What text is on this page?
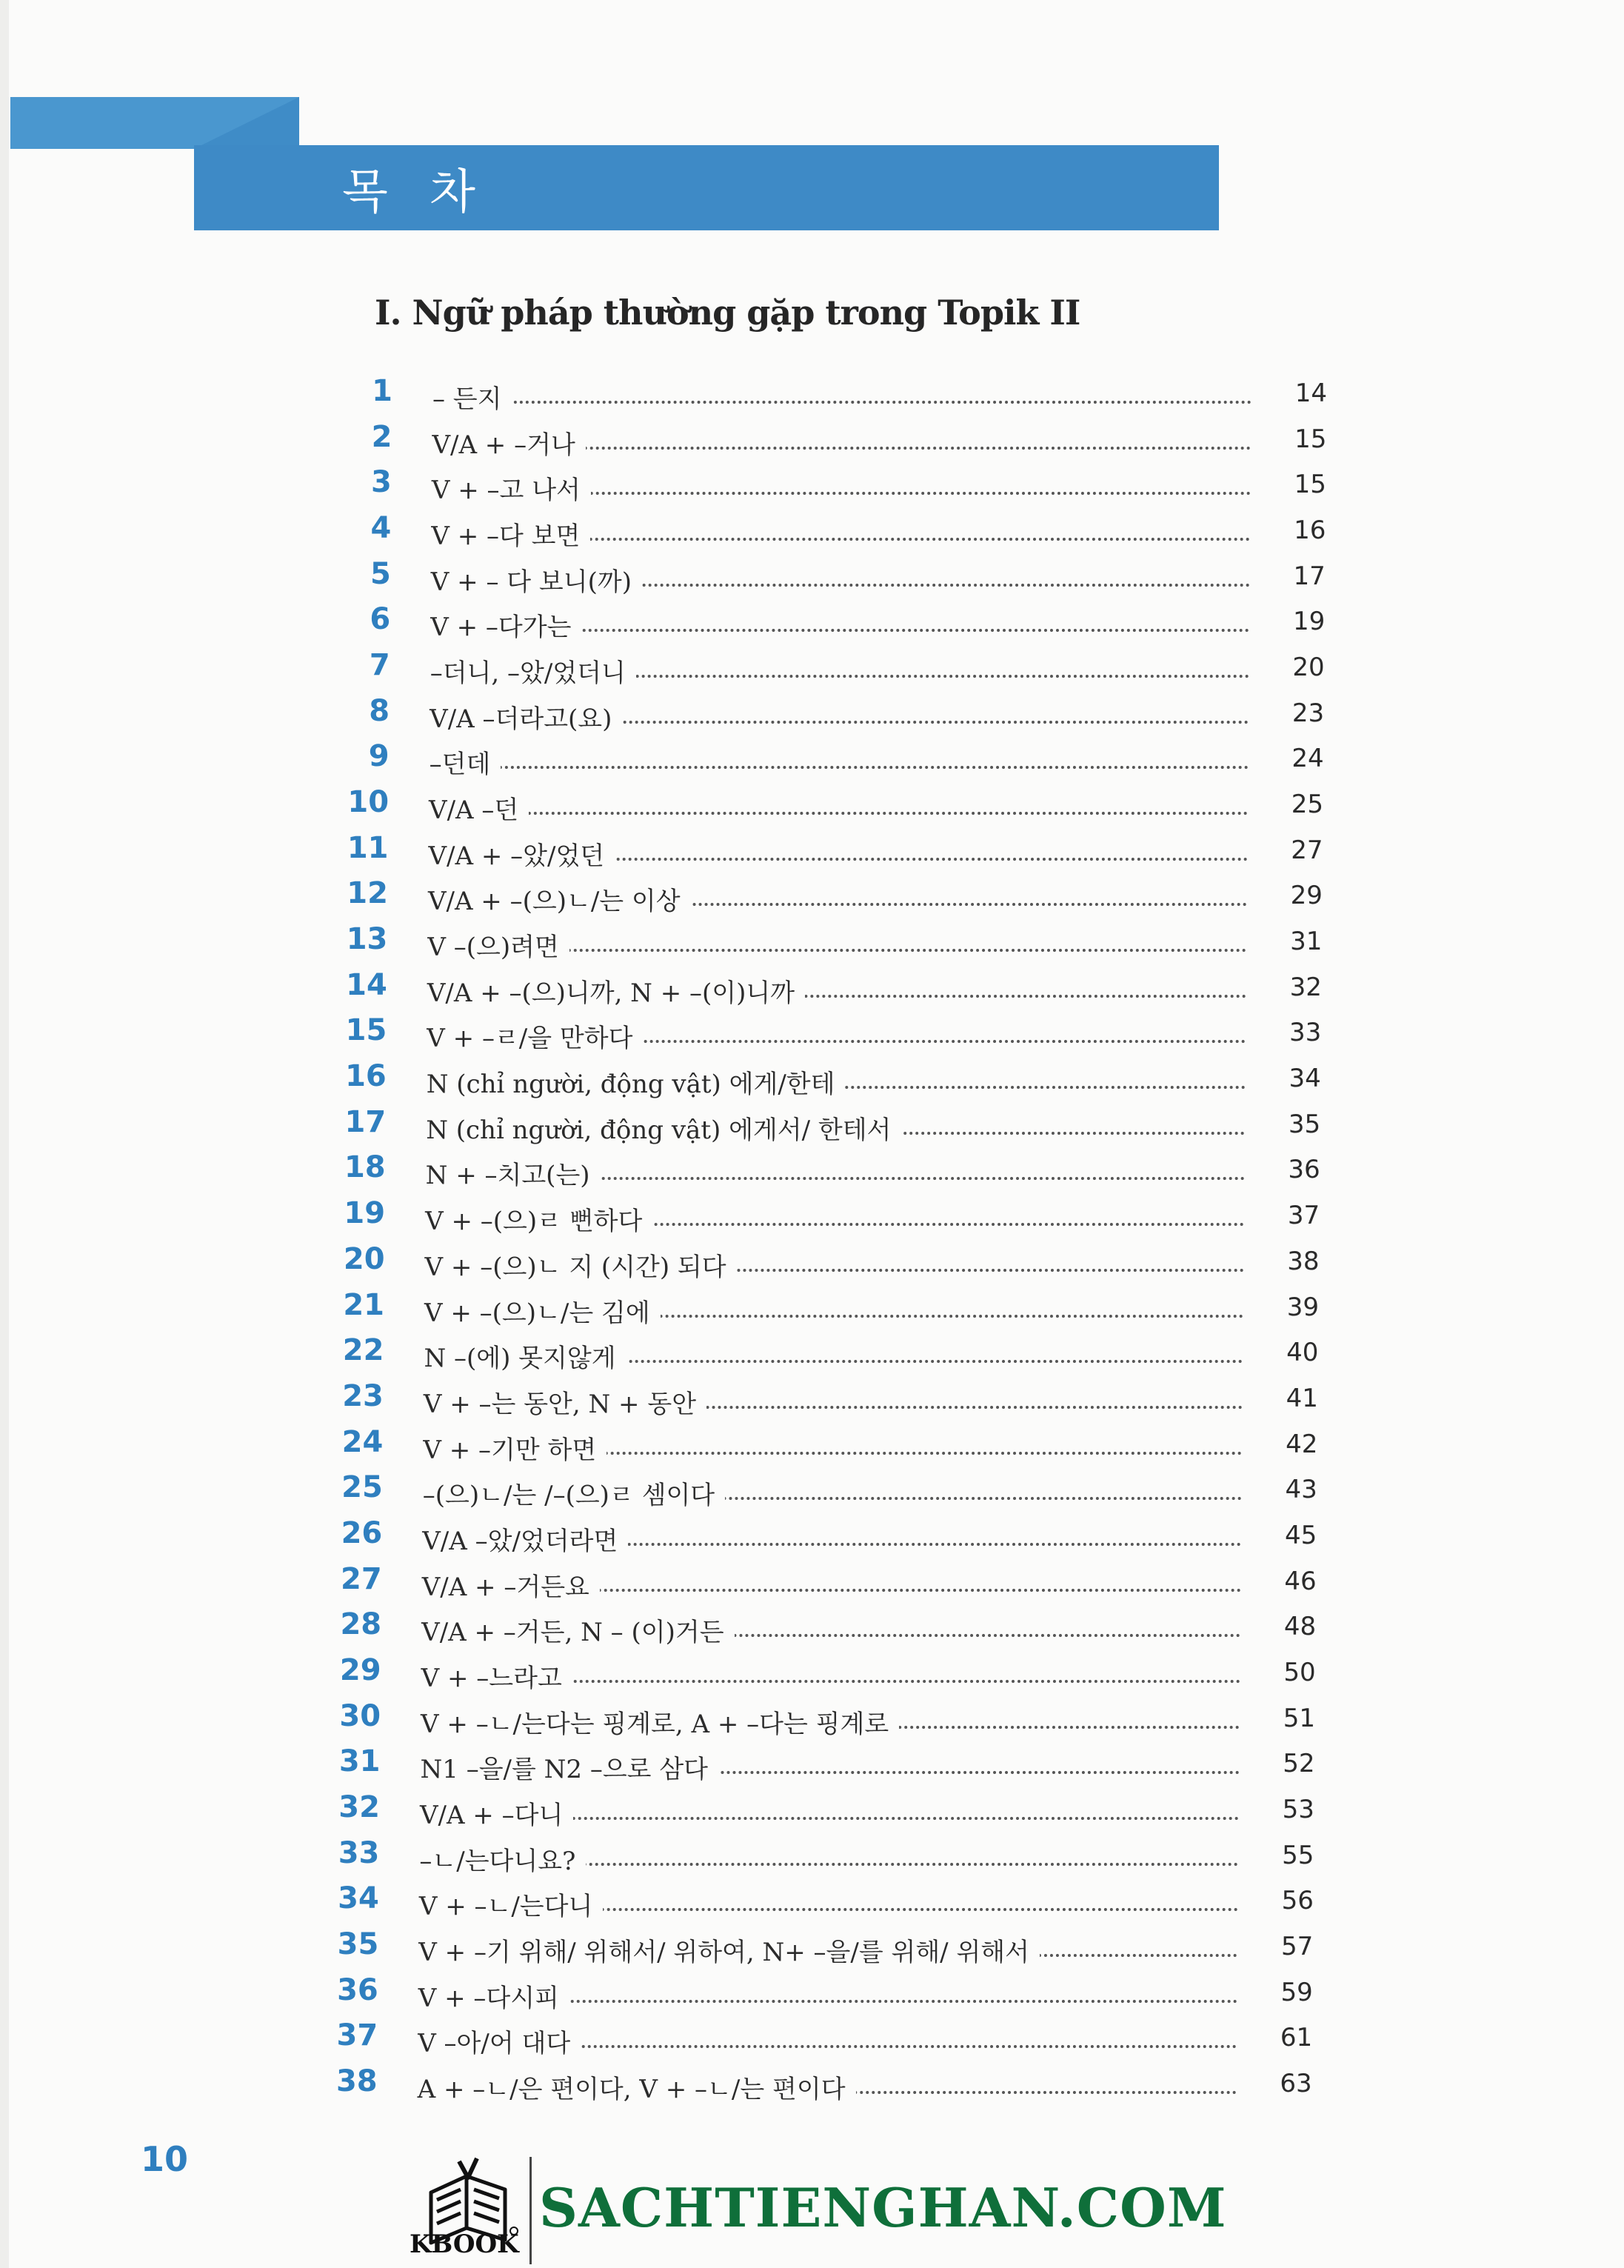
목 차
Ⅰ. Ngữ pháp thường gặp trong Topik II
1 – 든지	14
2 V/A + –거나	15
3 V + –고 나서	15
4 V + –다 보면	16
5 V + – 다 보니(까)	17
6 V + –다가는	19
7 –더니, –았/었더니	20
8 V/A –더라고(요)	23
9 –던데	24
10 V/A –던	25
11 V/A + –았/었던	27
12 V/A + –(으)ㄴ/는 이상	29
13 V –(으)려면	31
14 V/A + –(으)니까, N + –(이)니까	32
15 V + –ㄹ/을 만하다	33
16 N (chỉ người, động vật) 에게/한테	34
17 N (chỉ người, động vật) 에게서/ 한테서	35
18 N + –치고(는)	36
19 V + –(으)ㄹ 뻔하다	37
20 V + –(으)ㄴ 지 (시간) 되다	38
21 V + –(으)ㄴ/는 김에	39
22 N –(에) 못지않게	40
23 V + –는 동안, N + 동안	41
24 V + –기만 하면	42
25 –(으)ㄴ/는 /–(으)ㄹ 셈이다	43
26 V/A –았/었더라면	45
27 V/A + –거든요	46
28 V/A + –거든, N – (이)거든	48
29 V + –느라고	50
30 V + –ㄴ/는다는 핑계로, A + –다는 핑계로	51
31 N1 –을/를 N2 –으로 삼다	52
32 V/A + –다니	53
33 –ㄴ/는다니요?	55
34 V + –ㄴ/는다니	56
35 V + –기 위해/ 위해서/ 위하여, N+ –을/를 위해/ 위해서	57
36 V + –다시피	59
37 V –아/어 대다	61
38 A + –ㄴ/은 편이다, V + –ㄴ/는 편이다	63
10
KBOOK
SACHTIENGHAN.COM
